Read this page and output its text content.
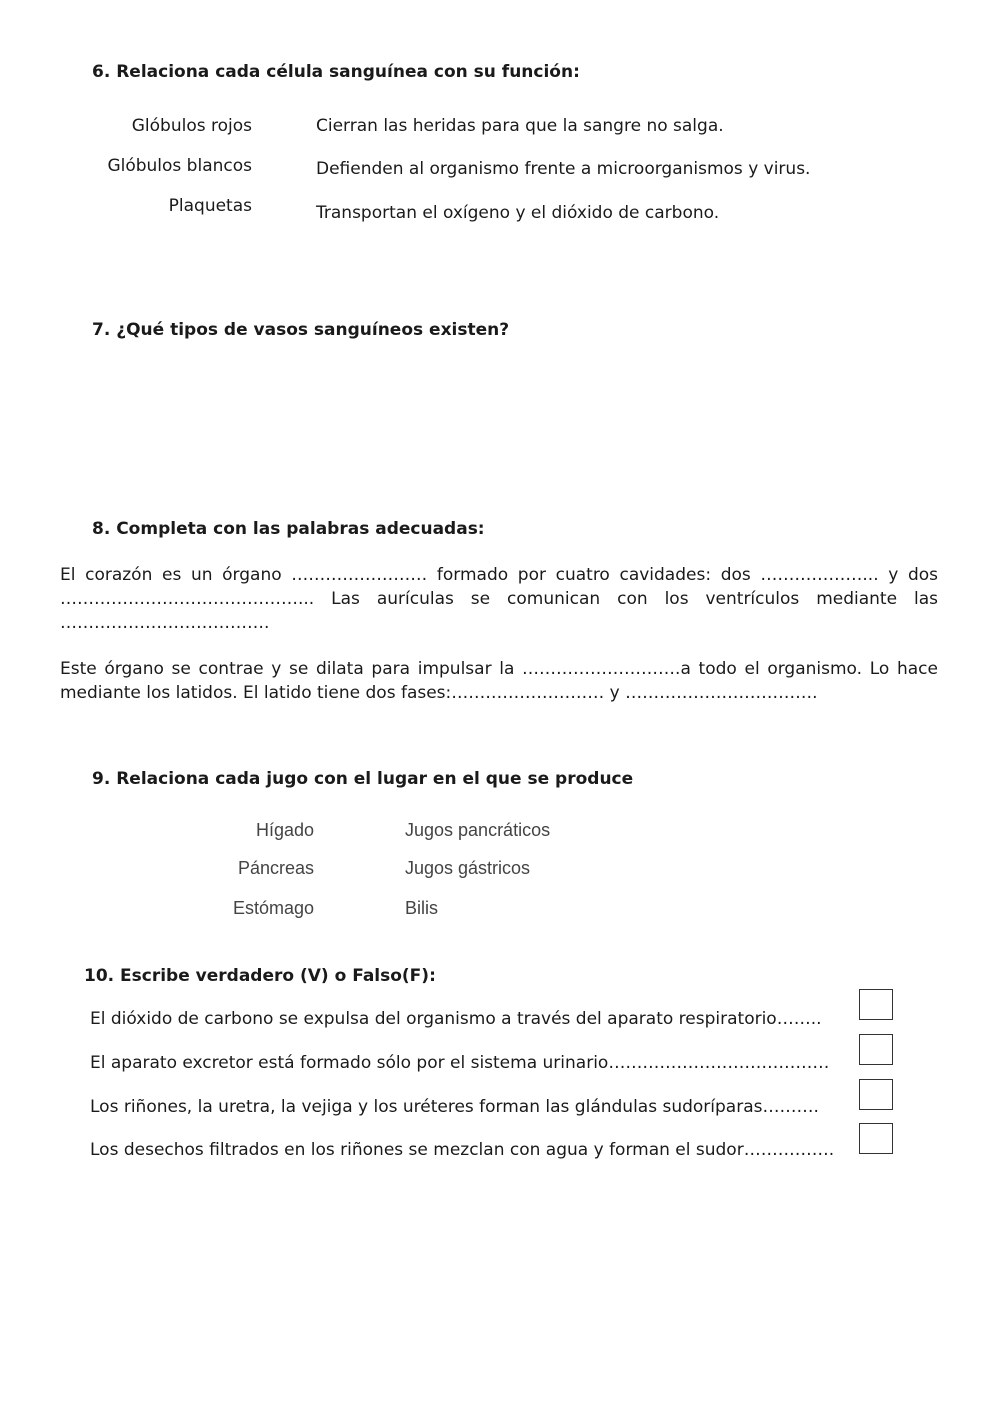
6. Relaciona cada célula sanguínea con su función:
Glóbulos rojos
Glóbulos blancos
Plaquetas
Cierran las heridas para que la sangre no salga.
Defienden al organismo frente a microorganismos y virus.
Transportan el oxígeno y el dióxido de carbono.
7. ¿Qué tipos de vasos sanguíneos existen?
8. Completa con las palabras adecuadas:
El corazón es un órgano …………………… formado por cuatro cavidades: dos ………………... y dos ……………………………………... Las aurículas se comunican con los ventrículos mediante las ……………………………….
Este órgano se contrae y se dilata para impulsar la ……………………….a todo el organismo. Lo hace mediante los latidos. El latido tiene dos fases:……………………… y …………………………….
9. Relaciona cada jugo con el lugar en el que se produce
Hígado
Páncreas
Estómago
Jugos pancráticos
Jugos gástricos
Bilis
10. Escribe verdadero (V) o Falso(F):
El dióxido de carbono se expulsa del organismo a través del aparato respiratorio……..
El aparato excretor está formado sólo por el sistema urinario…………………………………
Los riñones, la uretra, la vejiga y los uréteres forman las glándulas sudoríparas……….
Los desechos filtrados en los riñones se mezclan con agua y forman el sudor…………….
